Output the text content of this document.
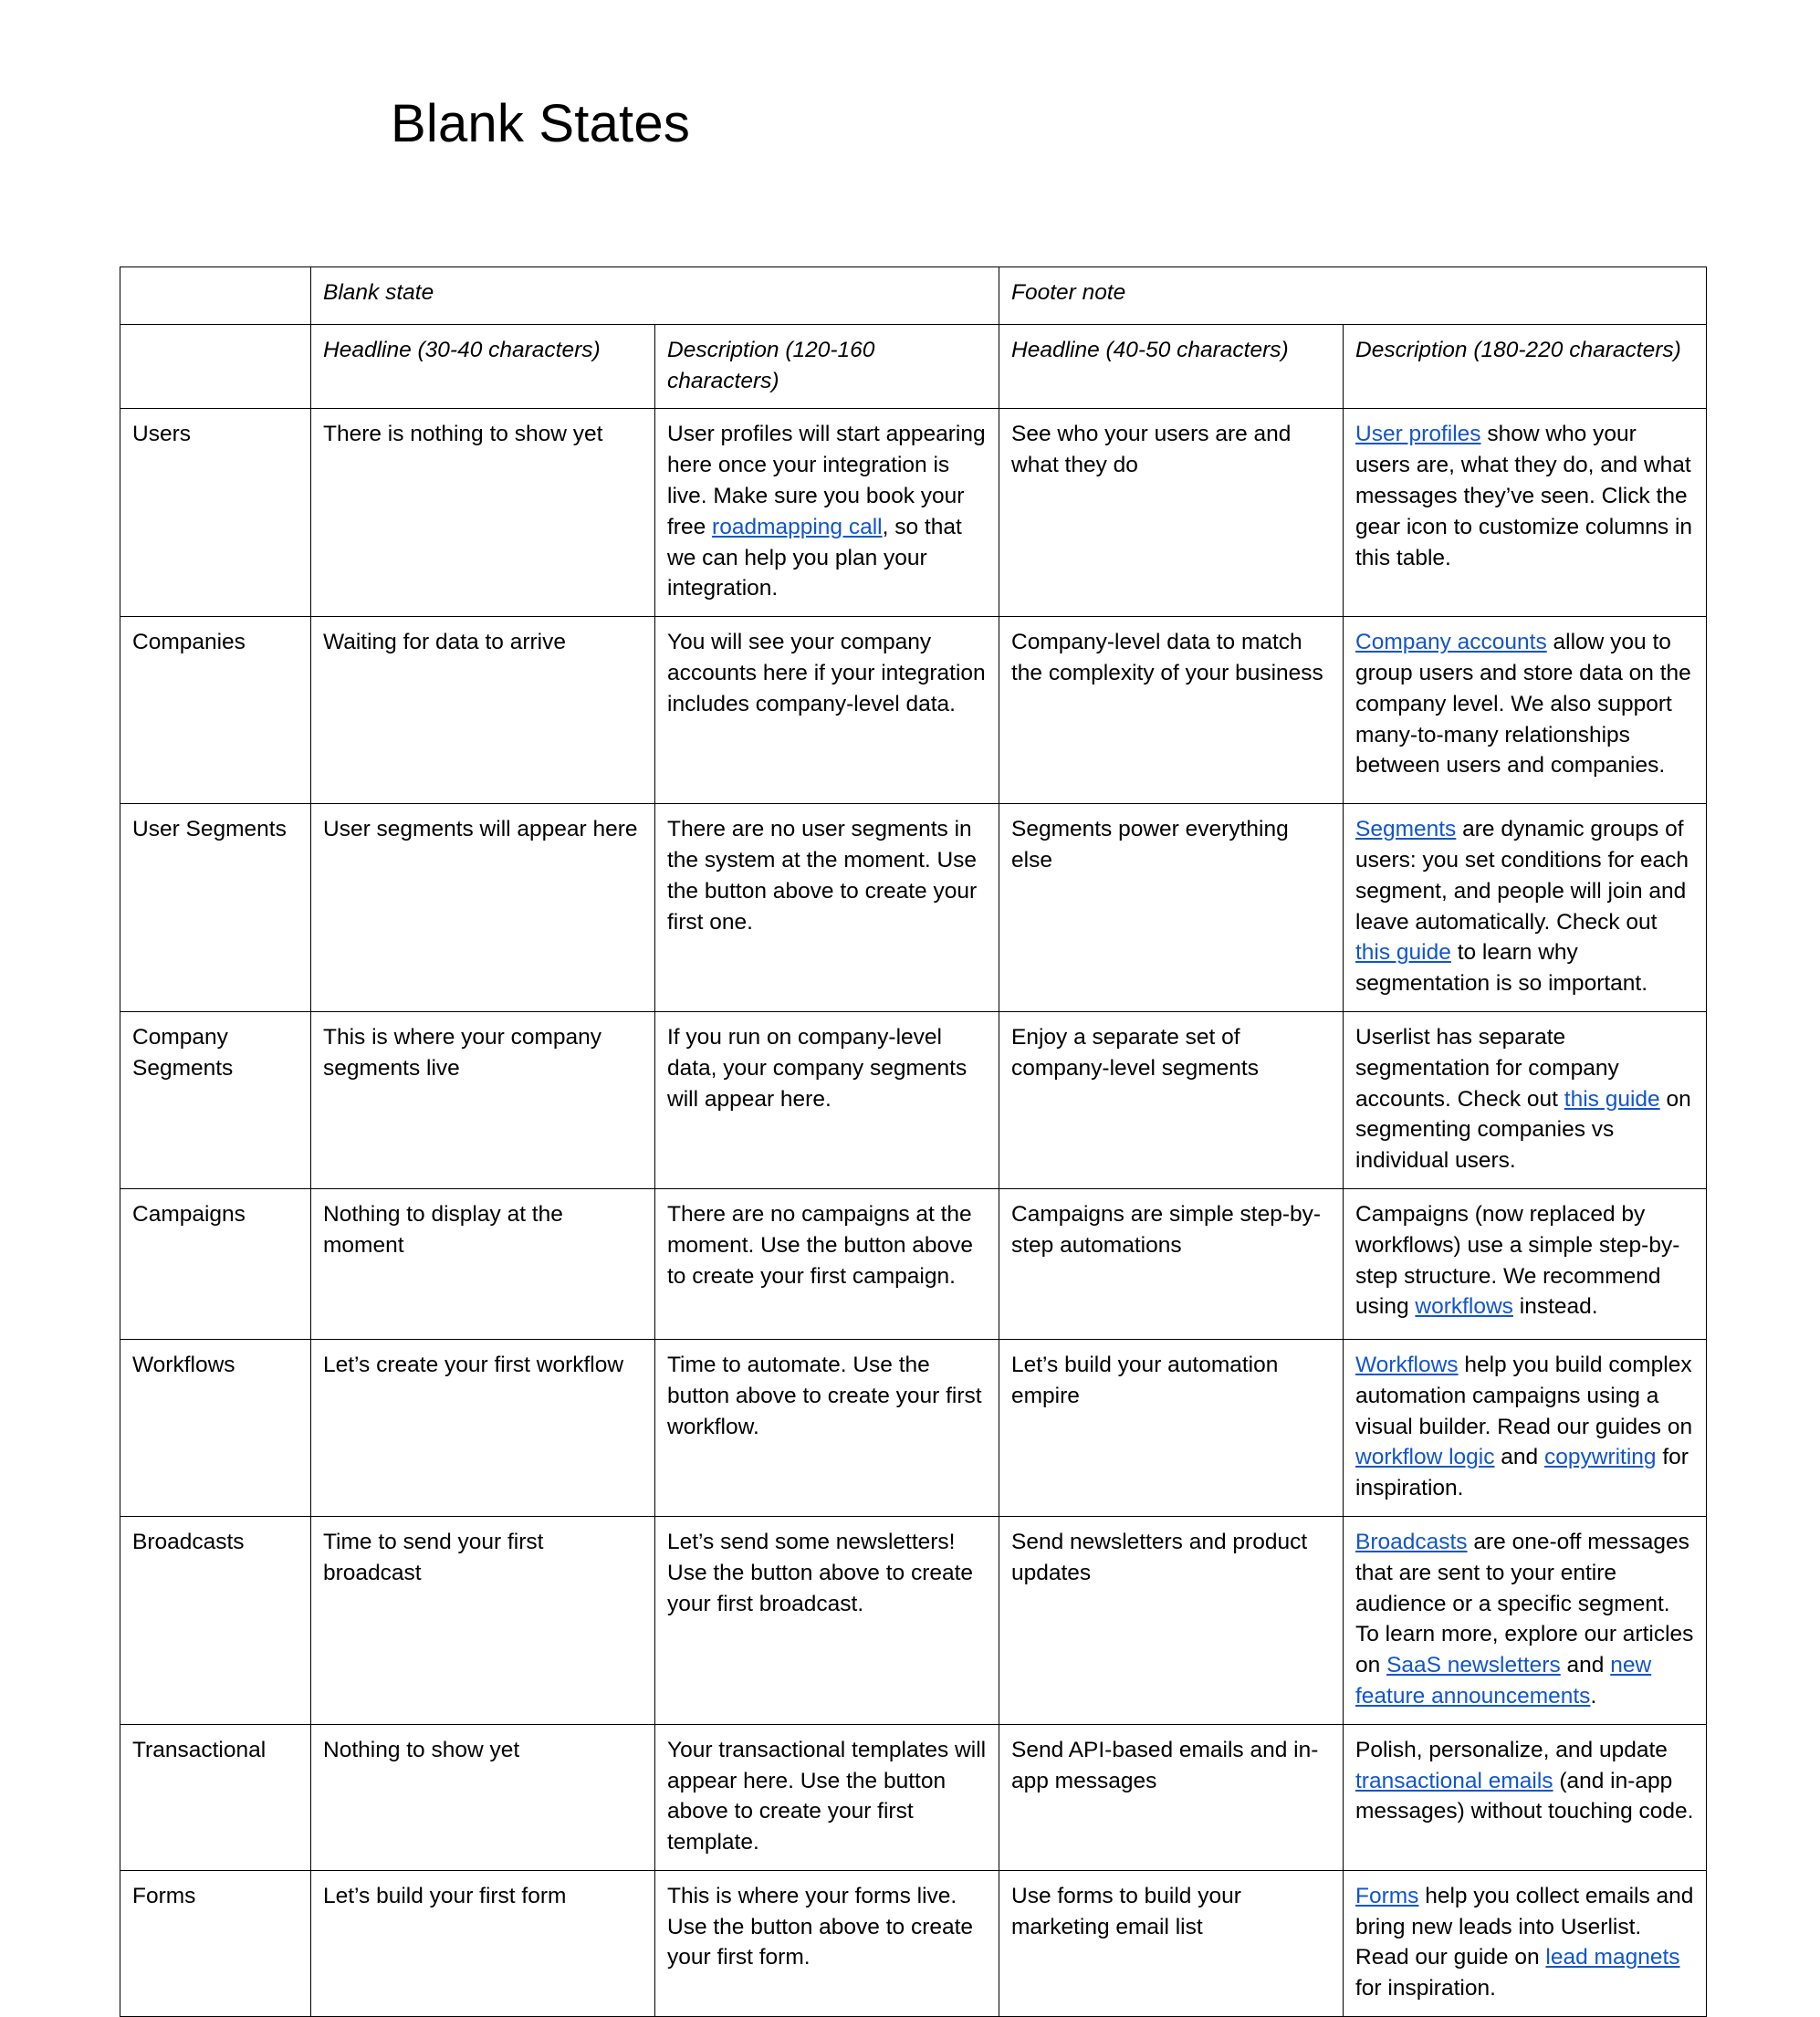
Blank States
	Blank state		Footer note	
	Headline (30-40 characters)	Description (120-160 characters)	Headline (40-50 characters)	Description (180-220 characters)
Users	There is nothing to show yet	User profiles will start appearing here once your integration is live. Make sure you book your free roadmapping call, so that we can help you plan your integration.	See who your users are and what they do	User profiles show who your users are, what they do, and what messages they’ve seen. Click the gear icon to customize columns in this table.
Companies	Waiting for data to arrive	You will see your company accounts here if your integration includes company-level data.	Company-level data to match the complexity of your business	Company accounts allow you to group users and store data on the company level. We also support many-to-many relationships between users and companies.
User Segments	User segments will appear here	There are no user segments in the system at the moment. Use the button above to create your first one.	Segments power everything else	Segments are dynamic groups of users: you set conditions for each segment, and people will join and leave automatically. Check out this guide to learn why segmentation is so important.
Company Segments	This is where your company segments live	If you run on company-level data, your company segments will appear here.	Enjoy a separate set of company-level segments	Userlist has separate segmentation for company accounts. Check out this guide on segmenting companies vs individual users.
Campaigns	Nothing to display at the moment	There are no campaigns at the moment. Use the button above to create your first campaign.	Campaigns are simple step-by-step automations	Campaigns (now replaced by workflows) use a simple step-by-step structure. We recommend using workflows instead.
Workflows	Let’s create your first workflow	Time to automate. Use the button above to create your first workflow.	Let’s build your automation empire	Workflows help you build complex automation campaigns using a visual builder. Read our guides on workflow logic and copywriting for inspiration.
Broadcasts	Time to send your first broadcast	Let’s send some newsletters! Use the button above to create your first broadcast.	Send newsletters and product updates	Broadcasts are one-off messages that are sent to your entire audience or a specific segment. To learn more, explore our articles on SaaS newsletters and new feature announcements.
Transactional	Nothing to show yet	Your transactional templates will appear here. Use the button above to create your first template.	Send API-based emails and in-app messages	Polish, personalize, and update transactional emails (and in-app messages) without touching code.
Forms	Let’s build your first form	This is where your forms live. Use the button above to create your first form.	Use forms to build your marketing email list	Forms help you collect emails and bring new leads into Userlist. Read our guide on lead magnets for inspiration.
